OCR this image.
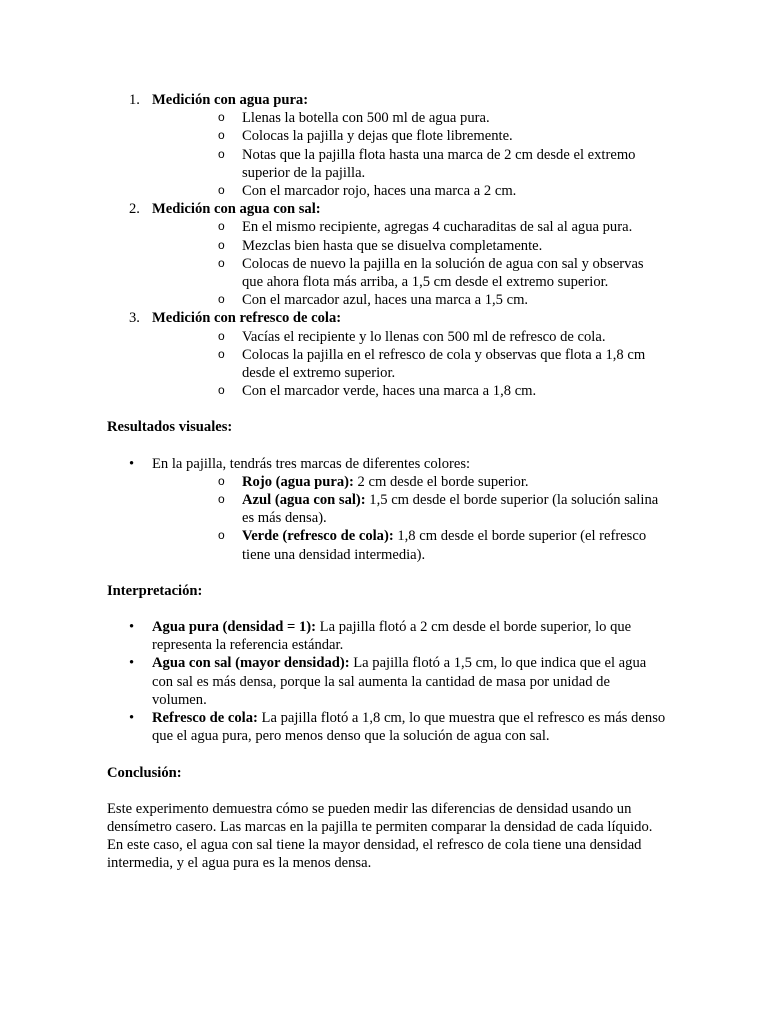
1. Medición con agua pura:
o Llenas la botella con 500 ml de agua pura.
o Colocas la pajilla y dejas que flote libremente.
o Notas que la pajilla flota hasta una marca de 2 cm desde el extremo superior de la pajilla.
o Con el marcador rojo, haces una marca a 2 cm.
2. Medición con agua con sal:
o En el mismo recipiente, agregas 4 cucharaditas de sal al agua pura.
o Mezclas bien hasta que se disuelva completamente.
o Colocas de nuevo la pajilla en la solución de agua con sal y observas que ahora flota más arriba, a 1,5 cm desde el extremo superior.
o Con el marcador azul, haces una marca a 1,5 cm.
3. Medición con refresco de cola:
o Vacías el recipiente y lo llenas con 500 ml de refresco de cola.
o Colocas la pajilla en el refresco de cola y observas que flota a 1,8 cm desde el extremo superior.
o Con el marcador verde, haces una marca a 1,8 cm.
Resultados visuales:
• En la pajilla, tendrás tres marcas de diferentes colores:
o Rojo (agua pura): 2 cm desde el borde superior.
o Azul (agua con sal): 1,5 cm desde el borde superior (la solución salina es más densa).
o Verde (refresco de cola): 1,8 cm desde el borde superior (el refresco tiene una densidad intermedia).
Interpretación:
• Agua pura (densidad = 1): La pajilla flotó a 2 cm desde el borde superior, lo que representa la referencia estándar.
• Agua con sal (mayor densidad): La pajilla flotó a 1,5 cm, lo que indica que el agua con sal es más densa, porque la sal aumenta la cantidad de masa por unidad de volumen.
• Refresco de cola: La pajilla flotó a 1,8 cm, lo que muestra que el refresco es más denso que el agua pura, pero menos denso que la solución de agua con sal.
Conclusión:

Este experimento demuestra cómo se pueden medir las diferencias de densidad usando un densímetro casero. Las marcas en la pajilla te permiten comparar la densidad de cada líquido. En este caso, el agua con sal tiene la mayor densidad, el refresco de cola tiene una densidad intermedia, y el agua pura es la menos densa.
